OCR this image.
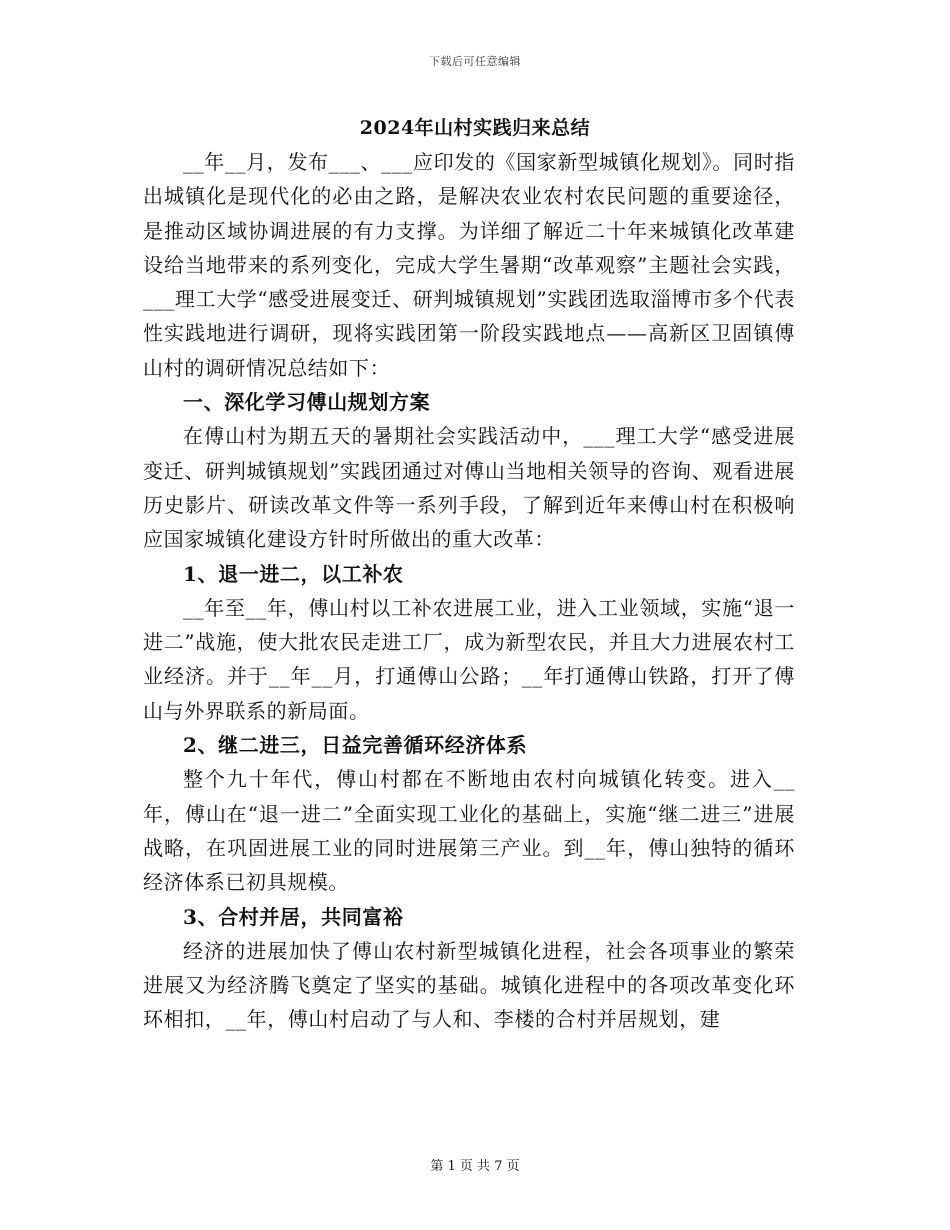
下载后可任意编辑
2024年山村实践归来总结

__年__月，发布___、___应印发的《国家新型城镇化规划》。同时指出城镇化是现代化的必由之路，是解决农业农村农民问题的重要途径，是推动区域协调进展的有力支撑。为详细了解近二十年来城镇化改革建设给当地带来的系列变化，完成大学生暑期“改革观察”主题社会实践，___理工大学“感受进展变迁、研判城镇规划”实践团选取淄博市多个代表性实践地进行调研，现将实践团第一阶段实践地点——高新区卫固镇傅山村的调研情况总结如下：

一、深化学习傅山规划方案

在傅山村为期五天的暑期社会实践活动中，___理工大学“感受进展变迁、研判城镇规划”实践团通过对傅山当地相关领导的咨询、观看进展历史影片、研读改革文件等一系列手段，了解到近年来傅山村在积极响应国家城镇化建设方针时所做出的重大改革：

1、退一进二，以工补农

__年至__年，傅山村以工补农进展工业，进入工业领域，实施“退一进二”战施，使大批农民走进工厂，成为新型农民，并且大力进展农村工业经济。并于__年__月，打通傅山公路；__年打通傅山铁路，打开了傅山与外界联系的新局面。

2、继二进三，日益完善循环经济体系

整个九十年代，傅山村都在不断地由农村向城镇化转变。进入__年，傅山在“退一进二”全面实现工业化的基础上，实施“继二进三”进展战略，在巩固进展工业的同时进展第三产业。到__年，傅山独特的循环经济体系已初具规模。

3、合村并居，共同富裕

经济的进展加快了傅山农村新型城镇化进程，社会各项事业的繁荣进展又为经济腾飞奠定了坚实的基础。城镇化进程中的各项改革变化环环相扣，__年，傅山村启动了与人和、李楼的合村并居规划，建

第 1 页 共 7 页
